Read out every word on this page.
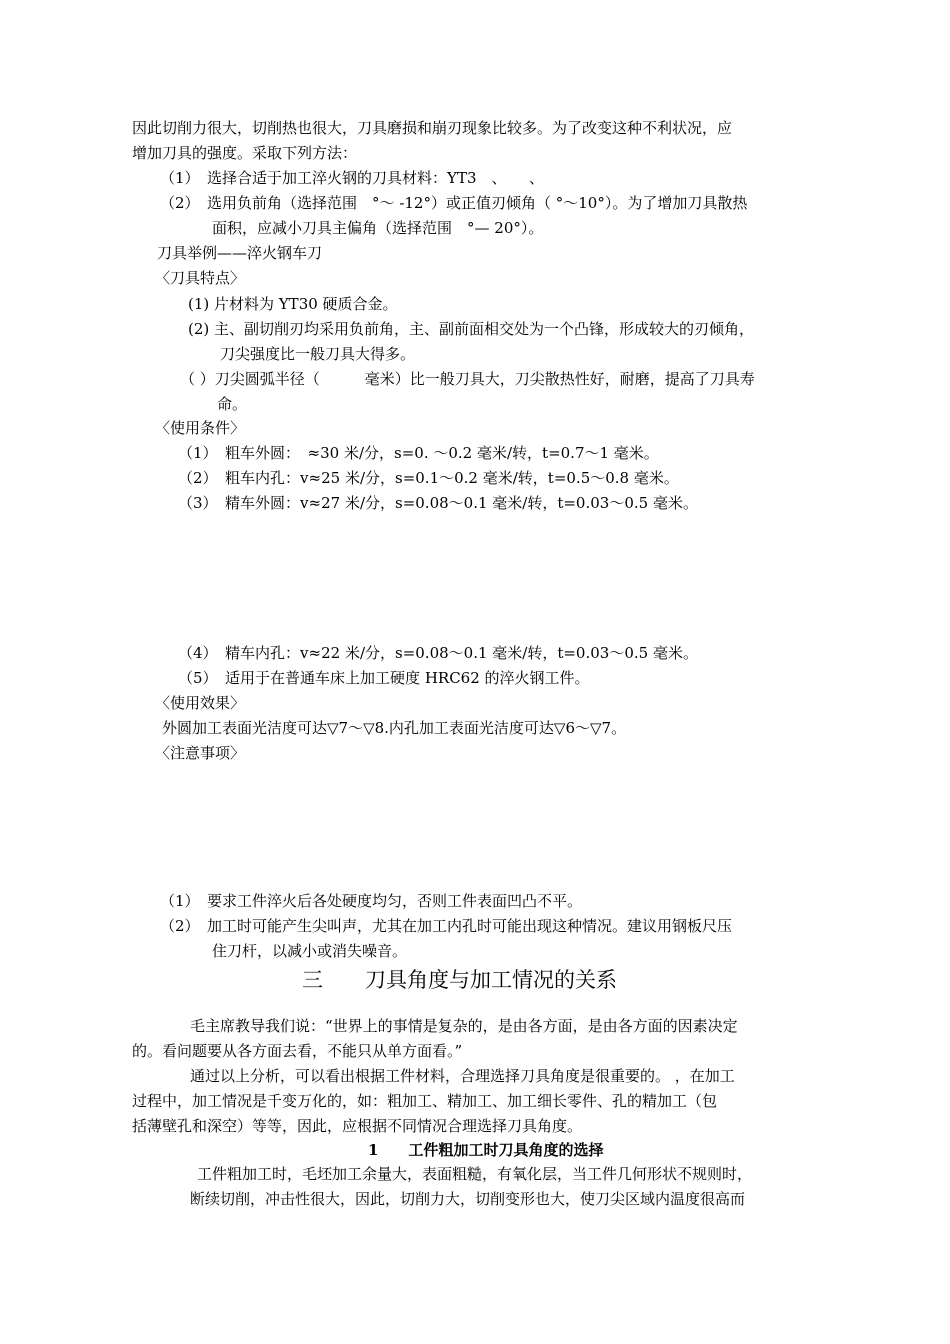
因此切削力很大，切削热也很大，刀具磨损和崩刃现象比较多。为了改变这种不利状况，应
增加刀具的强度。采取下列方法：
（1）　选择合适于加工淬火钢的刀具材料：YT3　、　　、
（2）　选用负前角（选择范围　°～ -12°）或正值刃倾角（ °～10°）。为了增加刀具散热
面积，应减小刀具主偏角（选择范围　°— 20°）。
刀具举例——淬火钢车刀
〈刀具特点〉
(1) 片材料为 YT30 硬质合金。
(2) 主、副切削刃均采用负前角，主、副前面相交处为一个凸锋，形成较大的刃倾角，
刀尖强度比一般刀具大得多。
（ ）刀尖圆弧半径（　　　毫米）比一般刀具大，刀尖散热性好，耐磨，提高了刀具寿
命。
〈使用条件〉
（1）　粗车外圆：　≈30 米/分，s=0. ～0.2 毫米/转，t=0.7～1 毫米。
（2）　粗车内孔：v≈25 米/分，s=0.1～0.2 毫米/转，t=0.5～0.8 毫米。
（3）　精车外圆：v≈27 米/分，s=0.08～0.1 毫米/转，t=0.03～0.5 毫米。
（4）　精车内孔：v≈22 米/分，s=0.08～0.1 毫米/转，t=0.03～0.5 毫米。
（5）　适用于在普通车床上加工硬度 HRC62 的淬火钢工件。
〈使用效果〉
外圆加工表面光洁度可达▽7～▽8.内孔加工表面光洁度可达▽6～▽7。
〈注意事项〉
（1）　要求工件淬火后各处硬度均匀，否则工件表面凹凸不平。
（2）　加工时可能产生尖叫声，尤其在加工内孔时可能出现这种情况。建议用钢板尺压
住刀杆，以减小或消失噪音。
三　　刀具角度与加工情况的关系
毛主席教导我们说：“世界上的事情是复杂的，是由各方面，是由各方面的因素决定
的。看问题要从各方面去看，不能只从单方面看。”
通过以上分析，可以看出根据工件材料，合理选择刀具角度是很重要的。 ，在加工
过程中，加工情况是千变万化的，如：粗加工、精加工、加工细长零件、孔的精加工（包
括薄壁孔和深空）等等，因此，应根据不同情况合理选择刀具角度。
1　　工件粗加工时刀具角度的选择
工件粗加工时，毛坯加工余量大，表面粗糙，有氧化层，当工件几何形状不规则时，
断续切削，冲击性很大，因此，切削力大，切削变形也大，使刀尖区域内温度很高而
